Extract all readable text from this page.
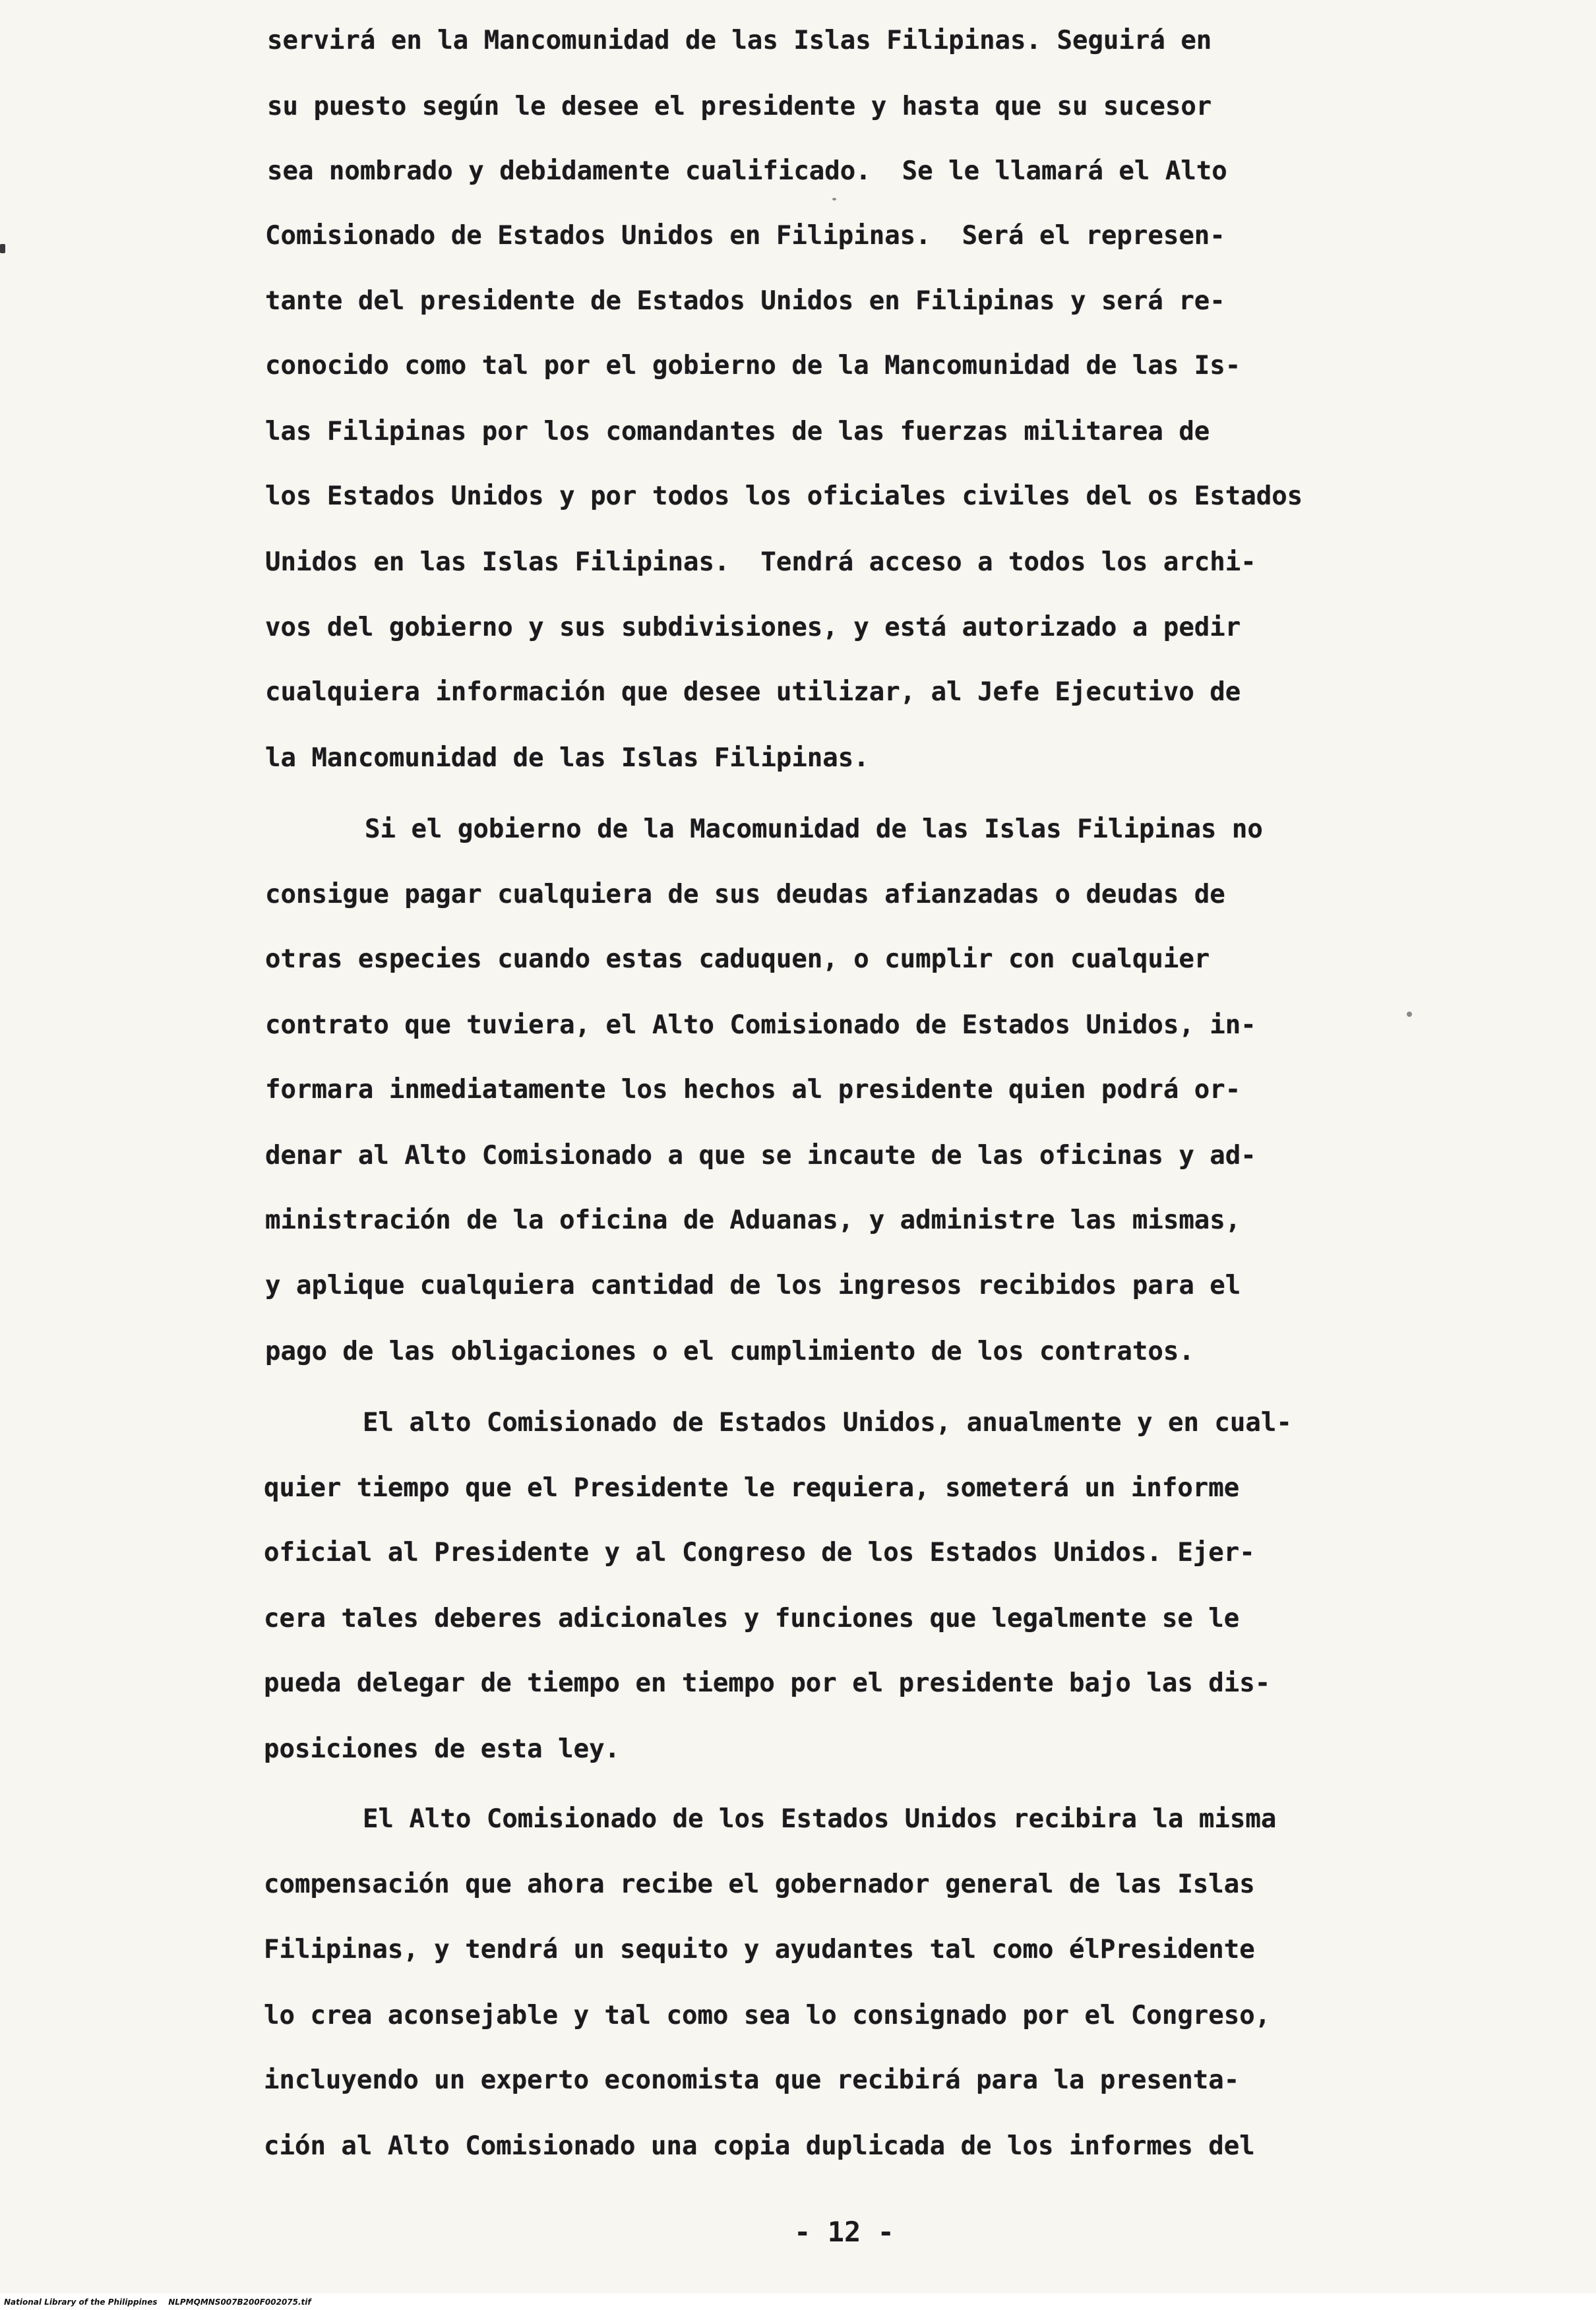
servirá en la Mancomunidad de las Islas Filipinas. Seguirá en
su puesto según le desee el presidente y hasta que su sucesor
sea nombrado y debidamente cualificado.  Se le llamará el Alto
Comisionado de Estados Unidos en Filipinas.  Será el represen-
tante del presidente de Estados Unidos en Filipinas y será re-
conocido como tal por el gobierno de la Mancomunidad de las Is-
las Filipinas por los comandantes de las fuerzas militarea de
los Estados Unidos y por todos los oficiales civiles del os Estados
Unidos en las Islas Filipinas.  Tendrá acceso a todos los archi-
vos del gobierno y sus subdivisiones, y está autorizado a pedir
cualquiera información que desee utilizar, al Jefe Ejecutivo de
la Mancomunidad de las Islas Filipinas.
Si el gobierno de la Macomunidad de las Islas Filipinas no
consigue pagar cualquiera de sus deudas afianzadas o deudas de
otras especies cuando estas caduquen, o cumplir con cualquier
contrato que tuviera, el Alto Comisionado de Estados Unidos, in-
formara inmediatamente los hechos al presidente quien podrá or-
denar al Alto Comisionado a que se incaute de las oficinas y ad-
ministración de la oficina de Aduanas, y administre las mismas,
y aplique cualquiera cantidad de los ingresos recibidos para el
pago de las obligaciones o el cumplimiento de los contratos.
El alto Comisionado de Estados Unidos, anualmente y en cual-
quier tiempo que el Presidente le requiera, someterá un informe
oficial al Presidente y al Congreso de los Estados Unidos. Ejer-
cera tales deberes adicionales y funciones que legalmente se le
pueda delegar de tiempo en tiempo por el presidente bajo las dis-
posiciones de esta ley.
El Alto Comisionado de los Estados Unidos recibira la misma
compensación que ahora recibe el gobernador general de las Islas
Filipinas, y tendrá un sequito y ayudantes tal como élPresidente
lo crea aconsejable y tal como sea lo consignado por el Congreso,
incluyendo un experto economista que recibirá para la presenta-
ción al Alto Comisionado una copia duplicada de los informes del
- 12 -
National Library of the Philippines    NLPMQMNS007B200F002075.tif
